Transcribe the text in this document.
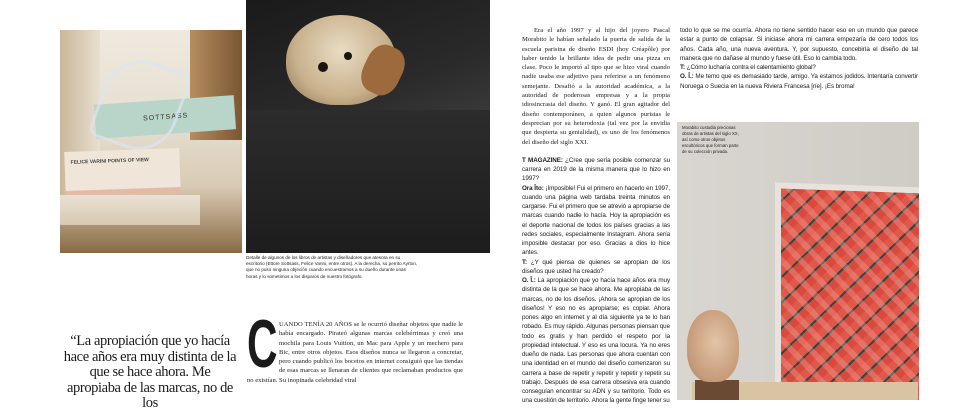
SOTTSASS
FELICE VARINI POINTS OF VIEW
Detalle de algunos de los libros de artistas y diseñadores que atesora en su escritorio (Ettore Sottsass, Felice Varini, entre otros). A la derecha, su perrito Ayrton, que no puso ninguna objeción cuando encuestramos a su dueño durante unas horas y lo sometimos a los disparos de nuestro fotógrafo.
“La apropiación que yo hacía hace años era muy distinta de la que se hace ahora. Me apropiaba de las marcas, no de los
CUANDO TENÍA 20 AÑOS se le ocurrió diseñar objetos que nadie le había encargado. Pirateó algunas marcas celebérrimas y creó una mochila para Louis Vuitton, un Mac para Apple y un mechero para Bic, entre otros objetos. Esos diseños nunca se llegaron a concretar, pero cuando publicó los bocetos en internet consiguió que las tiendas de esas marcas se llenaran de clientes que reclamaban productos que no existían. Su inopinada celebridad viral

Era el año 1997 y al hijo del joyero Pascal Morabito le habían señalado la puerta de salida de la escuela parisina de diseño ESDI (hoy Créapôle) por haber tenido la brillante idea de pedir una pizza en clase. Poco le importó al tipo que se hizo viral cuando nadie usaba ese adjetivo para referirse a un fenómeno semejante. Desafió a la autoridad académica, a la autoridad de poderosas empresas y a la propia idiosincrasia del diseño. Y ganó. El gran agitador del diseño contemporáneo, a quien algunos puristas le desprecian por su heterodoxia (tal vez por la envidia que despierta su genialidad), es uno de los fenómenos del diseño del siglo XXI.

T MAGAZINE: ¿Cree que sería posible comenzar su carrera en 2019 de la misma manera que lo hizo en 1997?

Ora Îto: ¡Imposible! Fui el primero en hacerlo en 1997, cuando una página web tardaba treinta minutos en cargarse. Fui el primero que se atrevió a apropiarse de marcas cuando nadie lo hacía. Hoy la apropiación es el deporte nacional de todos los países gracias a las redes sociales, especialmente Instagram. Ahora sería imposible destacar por eso. Gracias a dios lo hice antes.

T: ¿Y qué piensa de quienes se apropian de los diseños que usted ha creado?

O. Î.: La apropiación que yo hacía hace años era muy distinta de la que se hace ahora. Me apropiaba de las marcas, no de los diseños. ¡Ahora se apropian de los diseños! Y eso no es apropiarse; es copiar. Ahora pones algo en internet y al día siguiente ya te lo han robado. Es muy rápido. Algunas personas piensan que todo es gratis y han perdido el respeto por la propiedad intelectual. Y eso es una locura. Ya no eres dueño de nada. Las personas que ahora cuentan con una identidad en el mundo del diseño comenzaron su carrera a base de repetir y repetir y repetir y repetir su trabajo. Después de esa carrera obsesiva era cuando conseguían encontrar su ADN y su territorio. Todo es una cuestión de territorio. Ahora la gente finge tener su

todo lo que se me ocurría. Ahora no tiene sentido hacer eso en un mundo que parece estar a punto de colapsar. Si iniciase ahora mi carrera empezaría de cero todos los años. Cada año, una nueva aventura. Y, por supuesto, concebiría el diseño de tal manera que no dañase al mundo y fuese útil. Eso lo cambia todo.

T: ¿Cómo lucharía contra el calentamiento global?

O. Î.: Me temo que es demasiado tarde, amigo. Ya estamos jodidos. Intentaría convertir Noruega o Suecia en la nueva Riviera Francesa [ríe]. ¡Es broma!

Morabito custodia preciosas obras de artistas del siglo XX, así como otros objetos escultóricos que forman parte de su colección privada.
